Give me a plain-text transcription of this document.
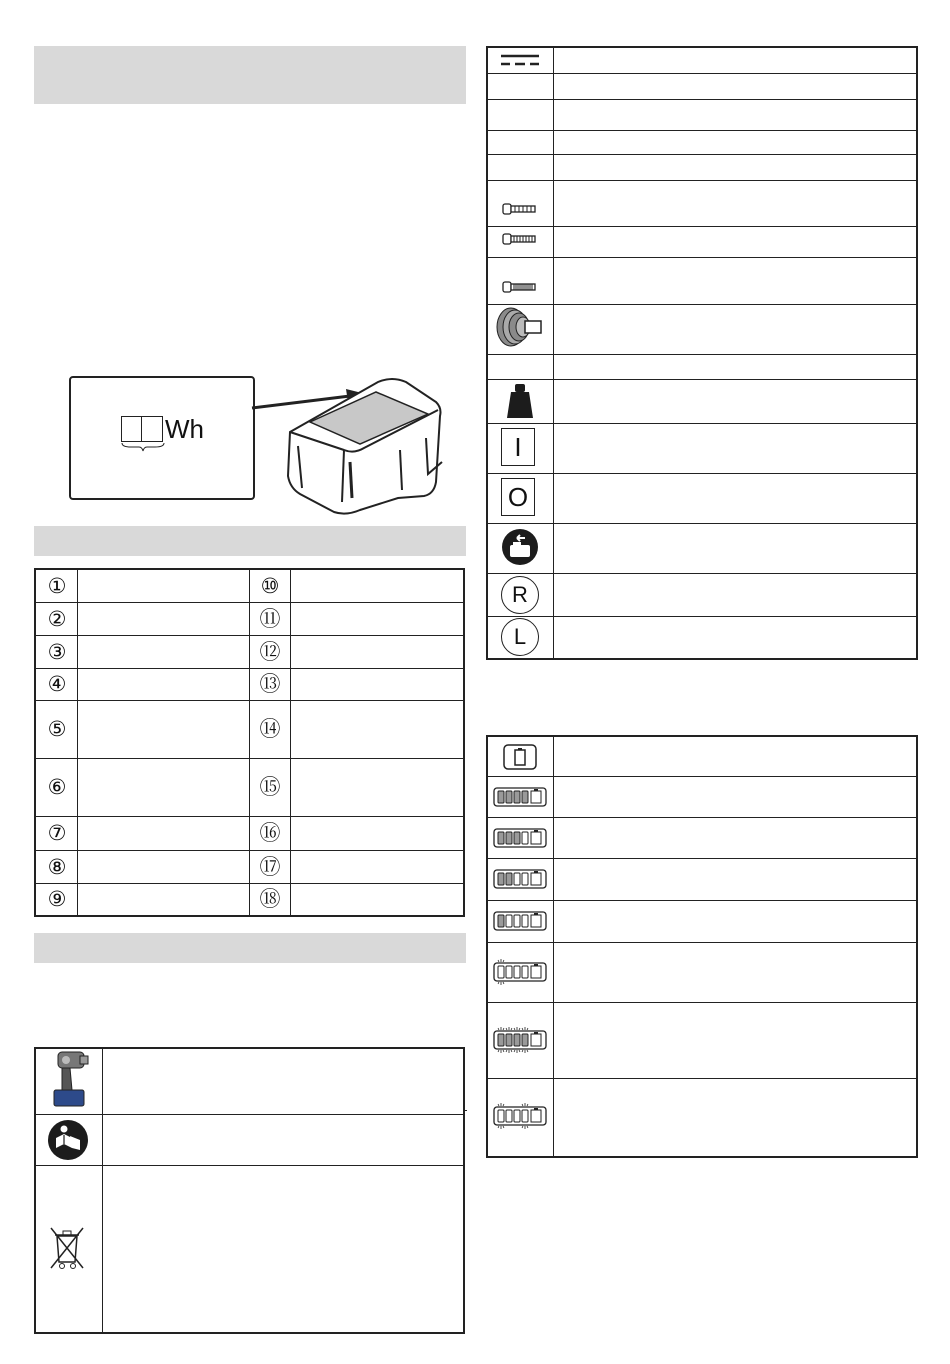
Wh
①	⑩
②	⑪
③	⑫
④	⑬
⑤	⑭
⑥	⑮
⑦	⑯
⑧	⑰
⑨	⑱
I
O
R
L
